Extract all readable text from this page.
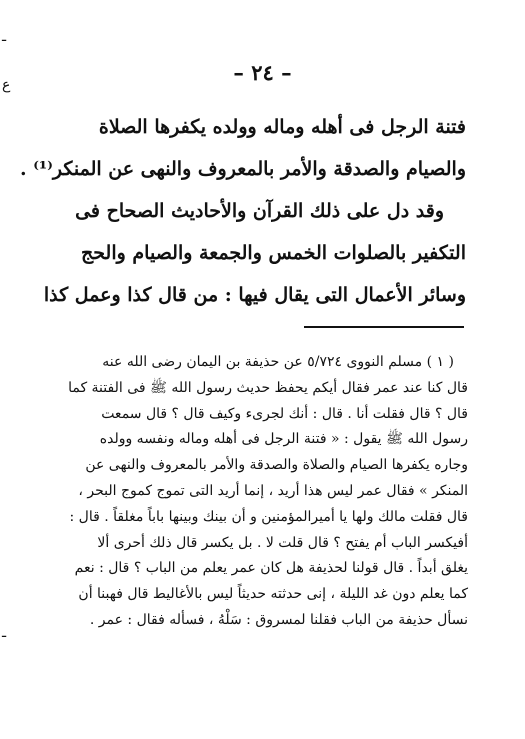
– ٢٤ –
فتنة الرجل فى أهله وماله وولده يكفرها الصلاة
والصيام والصدقة والأمر بالمعروف والنهى عن المنكر⁽¹⁾ .
وقد دل على ذلك القرآن والأحاديث الصحاح فى
التكفير بالصلوات الخمس والجمعة والصيام والحج
وسائر الأعمال التى يقال فيها : من قال كذا وعمل كذا
( ١ ) مسلم النووى ٥/٧٢٤ عن حذيفة بن اليمان رضى الله عنه
قال كنا عند عمر فقال أيكم يحفظ حديث رسول الله ﷺ فى الفتنة كما
قال ؟ قال فقلت أنا . قال : أنك لجرىء وكيف قال ؟ قال سمعت
رسول الله ﷺ يقول : « فتنة الرجل فى أهله وماله ونفسه وولده
وجاره يكفرها الصيام والصلاة والصدقة والأمر بالمعروف والنهى عن
المنكر » فقال عمر ليس هذا أريد ، إنما أريد التى تموج كموج البحر ،
قال فقلت مالك ولها يا أميرالمؤمنين و أن بينك وبينها باباً مغلقاً . قال :
أفيكسر الباب أم يفتح ؟ قال قلت لا . بل يكسر قال ذلك أحرى ألا
يغلق أبداً . قال قولنا لحذيفة هل كان عمر يعلم من الباب ؟ قال : نعم
كما يعلم دون غد الليلة ، إنى حدثته حديثاً ليس بالأغاليط قال فهبنا أن
نسأل حذيفة من الباب فقلنا لمسروق : سَلْهُ ، فسأله فقال : عمر .
ـ
ع
ـ
